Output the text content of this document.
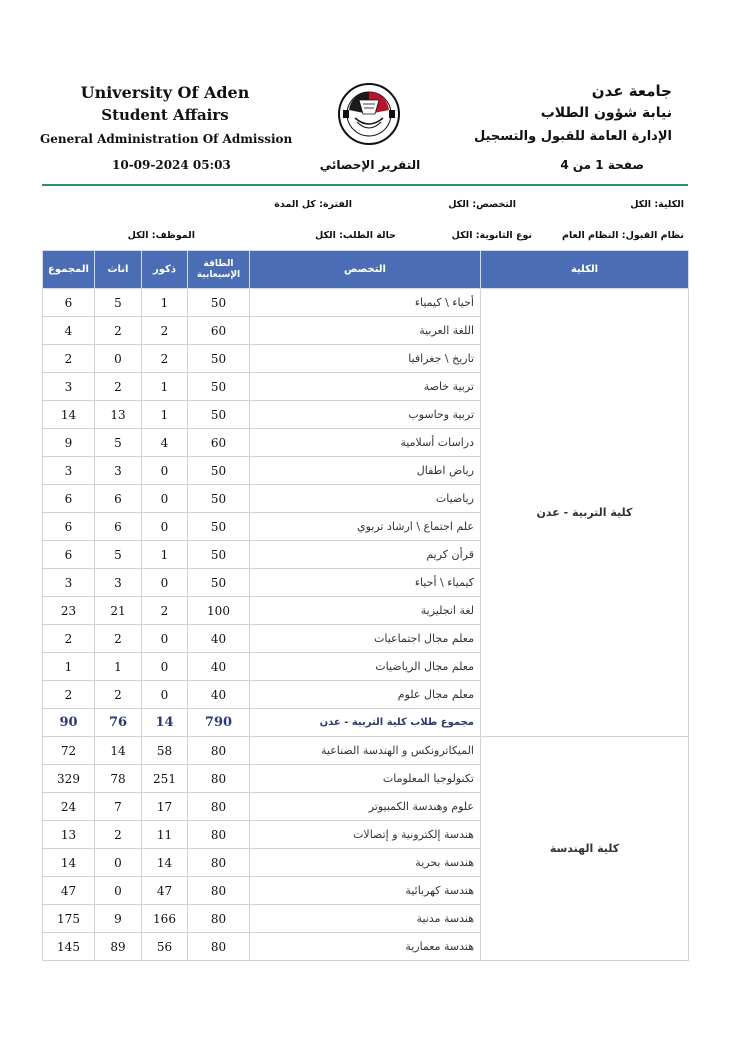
University Of Aden
Student Affairs
General Administration Of Admission
جامعة عدن
نيابة شؤون الطلاب
الإدارة العامة للقبول والتسجيل
10-09-2024 05:03	التقرير الإحصائي	صفحة 1 من 4
الكلية: الكل
التخصص: الكل
الفترة: كل المدة
نظام القبول: النظام العام
نوع الثانوية: الكل
حالة الطلب: الكل
الموظف: الكل
المجموع	اناث	ذكور	الطاقة الإسيعابية	التخصص	الكلية
6	5	1	50	أحياء \ كيمياء	كلية التربية - عدن
4	2	2	60	اللغة العربية	
2	0	2	50	تاريخ \ جغرافيا	
3	2	1	50	تربية خاصة	
14	13	1	50	تربية وحاسوب	
9	5	4	60	دراسات أسلامية	
3	3	0	50	رياض اطفال	
6	6	0	50	رياضيات	
6	6	0	50	علم اجتماع \ ارشاد تربوي	
6	5	1	50	قرأن كريم	
3	3	0	50	كيمياء \ أحياء	
23	21	2	100	لغة انجليزية	
2	2	0	40	معلم مجال اجتماعيات	
1	1	0	40	معلم مجال الرياضيات	
2	2	0	40	معلم مجال علوم	
90	76	14	790	مجموع طلاب كلية التربية - عدن	
72	14	58	80	الميكاترونكس و الهندسة الصناعية	كلية الهندسة
329	78	251	80	تكنولوجيا المعلومات	
24	7	17	80	علوم وهندسة الكمبيوتر	
13	2	11	80	هندسة إلكترونية و إتصالات	
14	0	14	80	هندسة بحرية	
47	0	47	80	هندسة كهربائية	
175	9	166	80	هندسة مدنية	
145	89	56	80	هندسة معمارية	
